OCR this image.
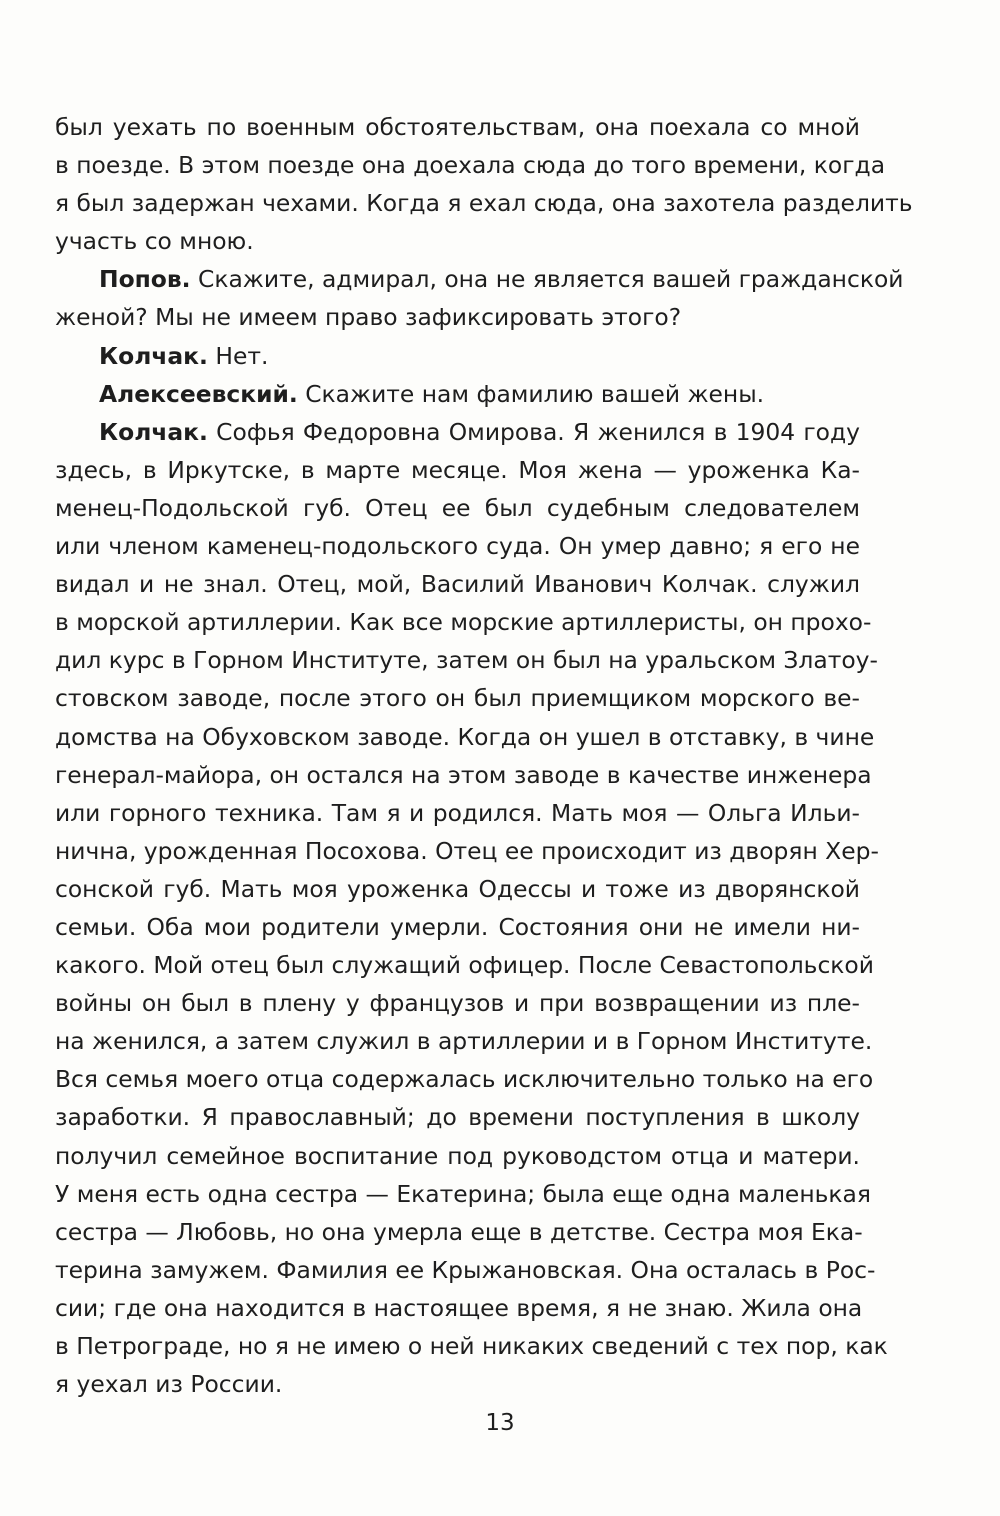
был уехать по военным обстоятельствам, она поехала со мной
в поезде. В этом поезде она доехала сюда до того времени, когда
я был задержан чехами. Когда я ехал сюда, она захотела разделить
участь со мною.
Попов. Скажите, адмирал, она не является вашей гражданской
женой? Мы не имеем право зафиксировать этого?
Колчак. Нет.
Алексеевский. Скажите нам фамилию вашей жены.
Колчак. Софья Федоровна Омирова. Я женился в 1904 году
здесь, в Иркутске, в марте месяце. Моя жена — уроженка Ка-
менец-Подольской губ. Отец ее был судебным следователем
или членом каменец-подольского суда. Он умер давно; я его не
видал и не знал. Отец, мой, Василий Иванович Колчак. служил
в морской артиллерии. Как все морские артиллеристы, он прохо-
дил курс в Горном Институте, затем он был на уральском Златоу-
стовском заводе, после этого он был приемщиком морского ве-
домства на Обуховском заводе. Когда он ушел в отставку, в чине
генерал-майора, он остался на этом заводе в качестве инженера
или горного техника. Там я и родился. Мать моя — Ольга Ильи-
нична, урожденная Посохова. Отец ее происходит из дворян Хер-
сонской губ. Мать моя уроженка Одессы и тоже из дворянской
семьи. Оба мои родители умерли. Состояния они не имели ни-
какого. Мой отец был служащий офицер. После Севастопольской
войны он был в плену у французов и при возвращении из пле-
на женился, а затем служил в артиллерии и в Горном Институте.
Вся семья моего отца содержалась исключительно только на его
заработки. Я православный; до времени поступления в школу
получил семейное воспитание под руководстом отца и матери.
У меня есть одна сестра — Екатерина; была еще одна маленькая
сестра — Любовь, но она умерла еще в детстве. Сестра моя Ека-
терина замужем. Фамилия ее Крыжановская. Она осталась в Рос-
сии; где она находится в настоящее время, я не знаю. Жила она
в Петрограде, но я не имею о ней никаких сведений с тех пор, как
я уехал из России.
13
